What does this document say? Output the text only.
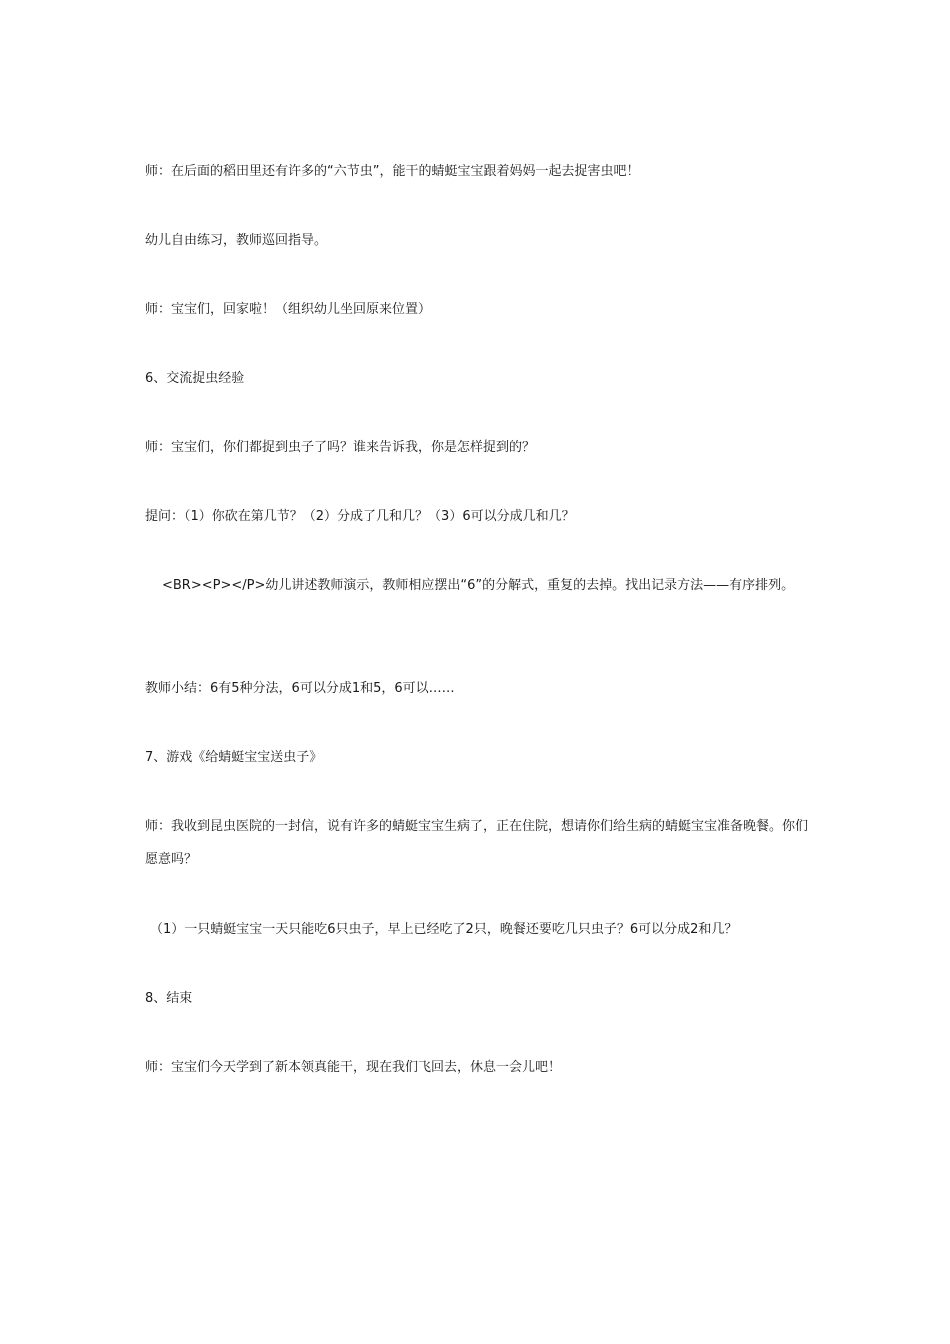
师：在后面的稻田里还有许多的“六节虫”，能干的蜻蜓宝宝跟着妈妈一起去捉害虫吧！

幼儿自由练习，教师巡回指导。

师：宝宝们，回家啦！（组织幼儿坐回原来位置）

6、交流捉虫经验

师：宝宝们，你们都捉到虫子了吗？谁来告诉我，你是怎样捉到的？

提问：（1）你砍在第几节？（2）分成了几和几？（3）6可以分成几和几？

<BR><P></P>幼儿讲述教师演示，教师相应摆出“6”的分解式，重复的去掉。找出记录方法——有序排列。

教师小结：6有5种分法，6可以分成1和5，6可以……

7、游戏《给蜻蜓宝宝送虫子》

师：我收到昆虫医院的一封信，说有许多的蜻蜓宝宝生病了，正在住院，想请你们给生病的蜻蜓宝宝准备晚餐。你们愿意吗？

（1）一只蜻蜓宝宝一天只能吃6只虫子，早上已经吃了2只，晚餐还要吃几只虫子？6可以分成2和几？

8、结束

师：宝宝们今天学到了新本领真能干，现在我们飞回去，休息一会儿吧！
